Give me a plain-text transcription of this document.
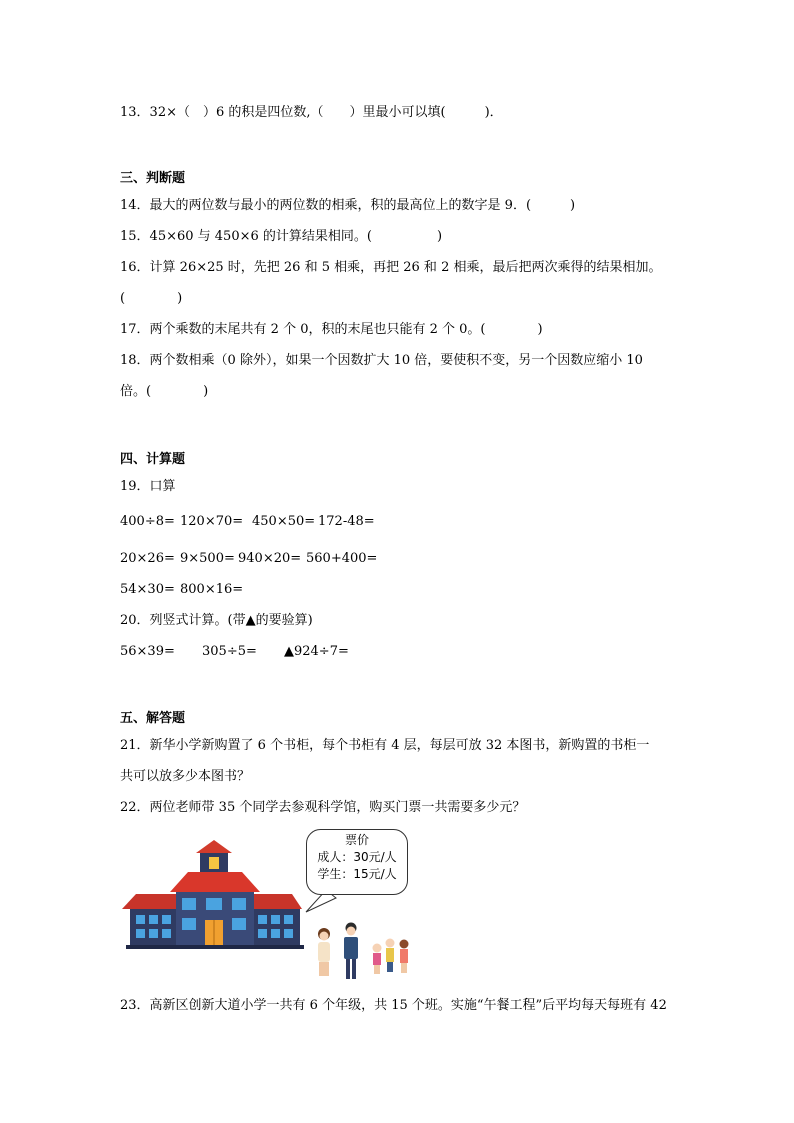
13．32×（　）6 的积是四位数,（　　）里最小可以填(　　　)．
三、判断题
14．最大的两位数与最小的两位数的相乘，积的最高位上的数字是 9．(　　　)
15．45×60 与 450×6 的计算结果相同。(　　　　　)
16．计算 26×25 时，先把 26 和 5 相乘，再把 26 和 2 相乘，最后把两次乘得的结果相加。
(　　　　)
17．两个乘数的末尾共有 2 个 0，积的末尾也只能有 2 个 0。(　　　　)
18．两个数相乘（0 除外），如果一个因数扩大 10 倍，要使积不变，另一个因数应缩小 10
倍。(　　　　)
四、计算题
19．口算
400÷8= 120×70= 450×50= 172-48=
20×26= 9×500= 940×20= 560+400=
54×30= 800×16=
20．列竖式计算。(带▲的要验算)
56×39= 305÷5= ▲924÷7=
五、解答题
21．新华小学新购置了 6 个书柜，每个书柜有 4 层，每层可放 32 本图书，新购置的书柜一
共可以放多少本图书？
22．两位老师带 35 个同学去参观科学馆，购买门票一共需要多少元？
票价
成人：30元/人
学生：15元/人
23．高新区创新大道小学一共有 6 个年级，共 15 个班。实施“午餐工程”后平均每天每班有 42
